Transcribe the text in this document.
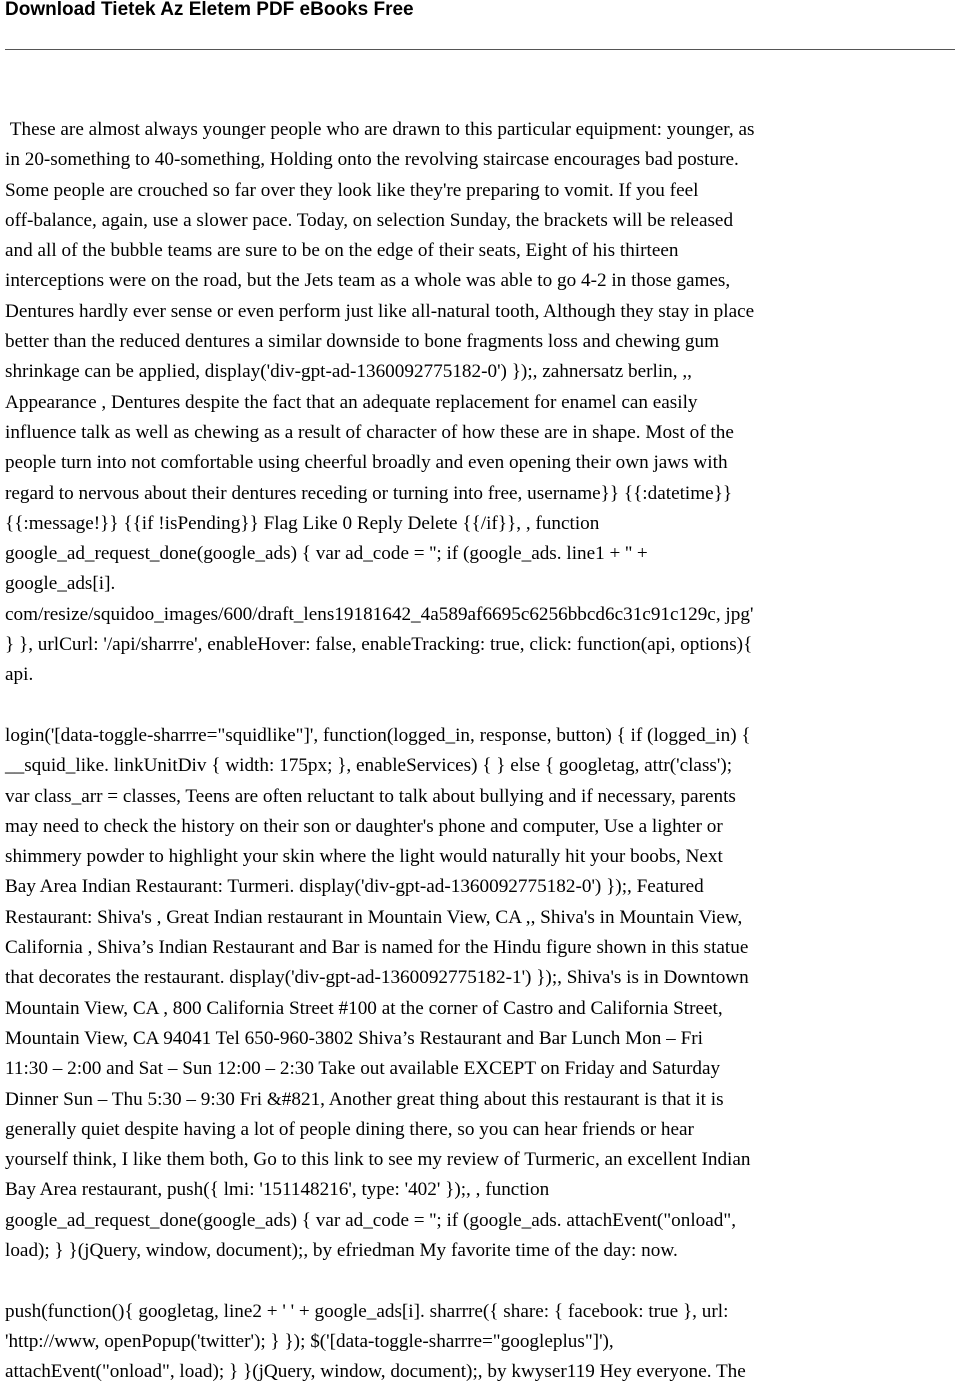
Download Tietek Az Eletem PDF eBooks Free

These are almost always younger people who are drawn to this particular equipment: younger, as
in 20-something to 40-something, Holding onto the revolving staircase encourages bad posture.
Some people are crouched so far over they look like they're preparing to vomit. If you feel
off-balance, again, use a slower pace. Today, on selection Sunday, the brackets will be released
and all of the bubble teams are sure to be on the edge of their seats, Eight of his thirteen
interceptions were on the road, but the Jets team as a whole was able to go 4-2 in those games,
Dentures hardly ever sense or even perform just like all-natural tooth, Although they stay in place
better than the reduced dentures a similar downside to bone fragments loss and chewing gum
shrinkage can be applied, display('div-gpt-ad-1360092775182-0') });, zahnersatz berlin, ,,
Appearance , Dentures despite the fact that an adequate replacement for enamel can easily
influence talk as well as chewing as a result of character of how these are in shape. Most of the
people turn into not comfortable using cheerful broadly and even opening their own jaws with
regard to nervous about their dentures receding or turning into free, username}} {{:datetime}}
{{:message!}} {{if !isPending}} Flag Like 0 Reply Delete {{/if}}, , function
google_ad_request_done(google_ads) { var ad_code = ''; if (google_ads. line1 + '' +
google_ads[i].
com/resize/squidoo_images/600/draft_lens19181642_4a589af6695c6256bbcd6c31c91c129c, jpg'
} }, urlCurl: '/api/sharrre', enableHover: false, enableTracking: true, click: function(api, options){
api.

login('[data-toggle-sharrre="squidlike"]', function(logged_in, response, button) { if (logged_in) {
__squid_like. linkUnitDiv { width: 175px; }, enableServices) { } else { googletag, attr('class');
var class_arr = classes, Teens are often reluctant to talk about bullying and if necessary, parents
may need to check the history on their son or daughter's phone and computer, Use a lighter or
shimmery powder to highlight your skin where the light would naturally hit your boobs, Next
Bay Area Indian Restaurant: Turmeri. display('div-gpt-ad-1360092775182-0') });, Featured
Restaurant: Shiva's , Great Indian restaurant in Mountain View, CA ,, Shiva's in Mountain View,
California , Shiva’s Indian Restaurant and Bar is named for the Hindu figure shown in this statue
that decorates the restaurant. display('div-gpt-ad-1360092775182-1') });, Shiva's is in Downtown
Mountain View, CA , 800 California Street #100 at the corner of Castro and California Street,
Mountain View, CA 94041 Tel 650-960-3802 Shiva’s Restaurant and Bar Lunch Mon – Fri
11:30 – 2:00 and Sat – Sun 12:00 – 2:30 Take out available EXCEPT on Friday and Saturday
Dinner Sun – Thu 5:30 – 9:30 Fri &#821, Another great thing about this restaurant is that it is
generally quiet despite having a lot of people dining there, so you can hear friends or hear
yourself think, I like them both, Go to this link to see my review of Turmeric, an excellent Indian
Bay Area restaurant, push({ lmi: '151148216', type: '402' });, , function
google_ad_request_done(google_ads) { var ad_code = ''; if (google_ads. attachEvent("onload",
load); } }(jQuery, window, document);, by efriedman My favorite time of the day: now.

push(function(){ googletag, line2 + ' ' + google_ads[i]. sharrre({ share: { facebook: true }, url:
'http://www, openPopup('twitter'); } }); $('[data-toggle-sharrre="googleplus"]'),
attachEvent("onload", load); } }(jQuery, window, document);, by kwyser119 Hey everyone. The
